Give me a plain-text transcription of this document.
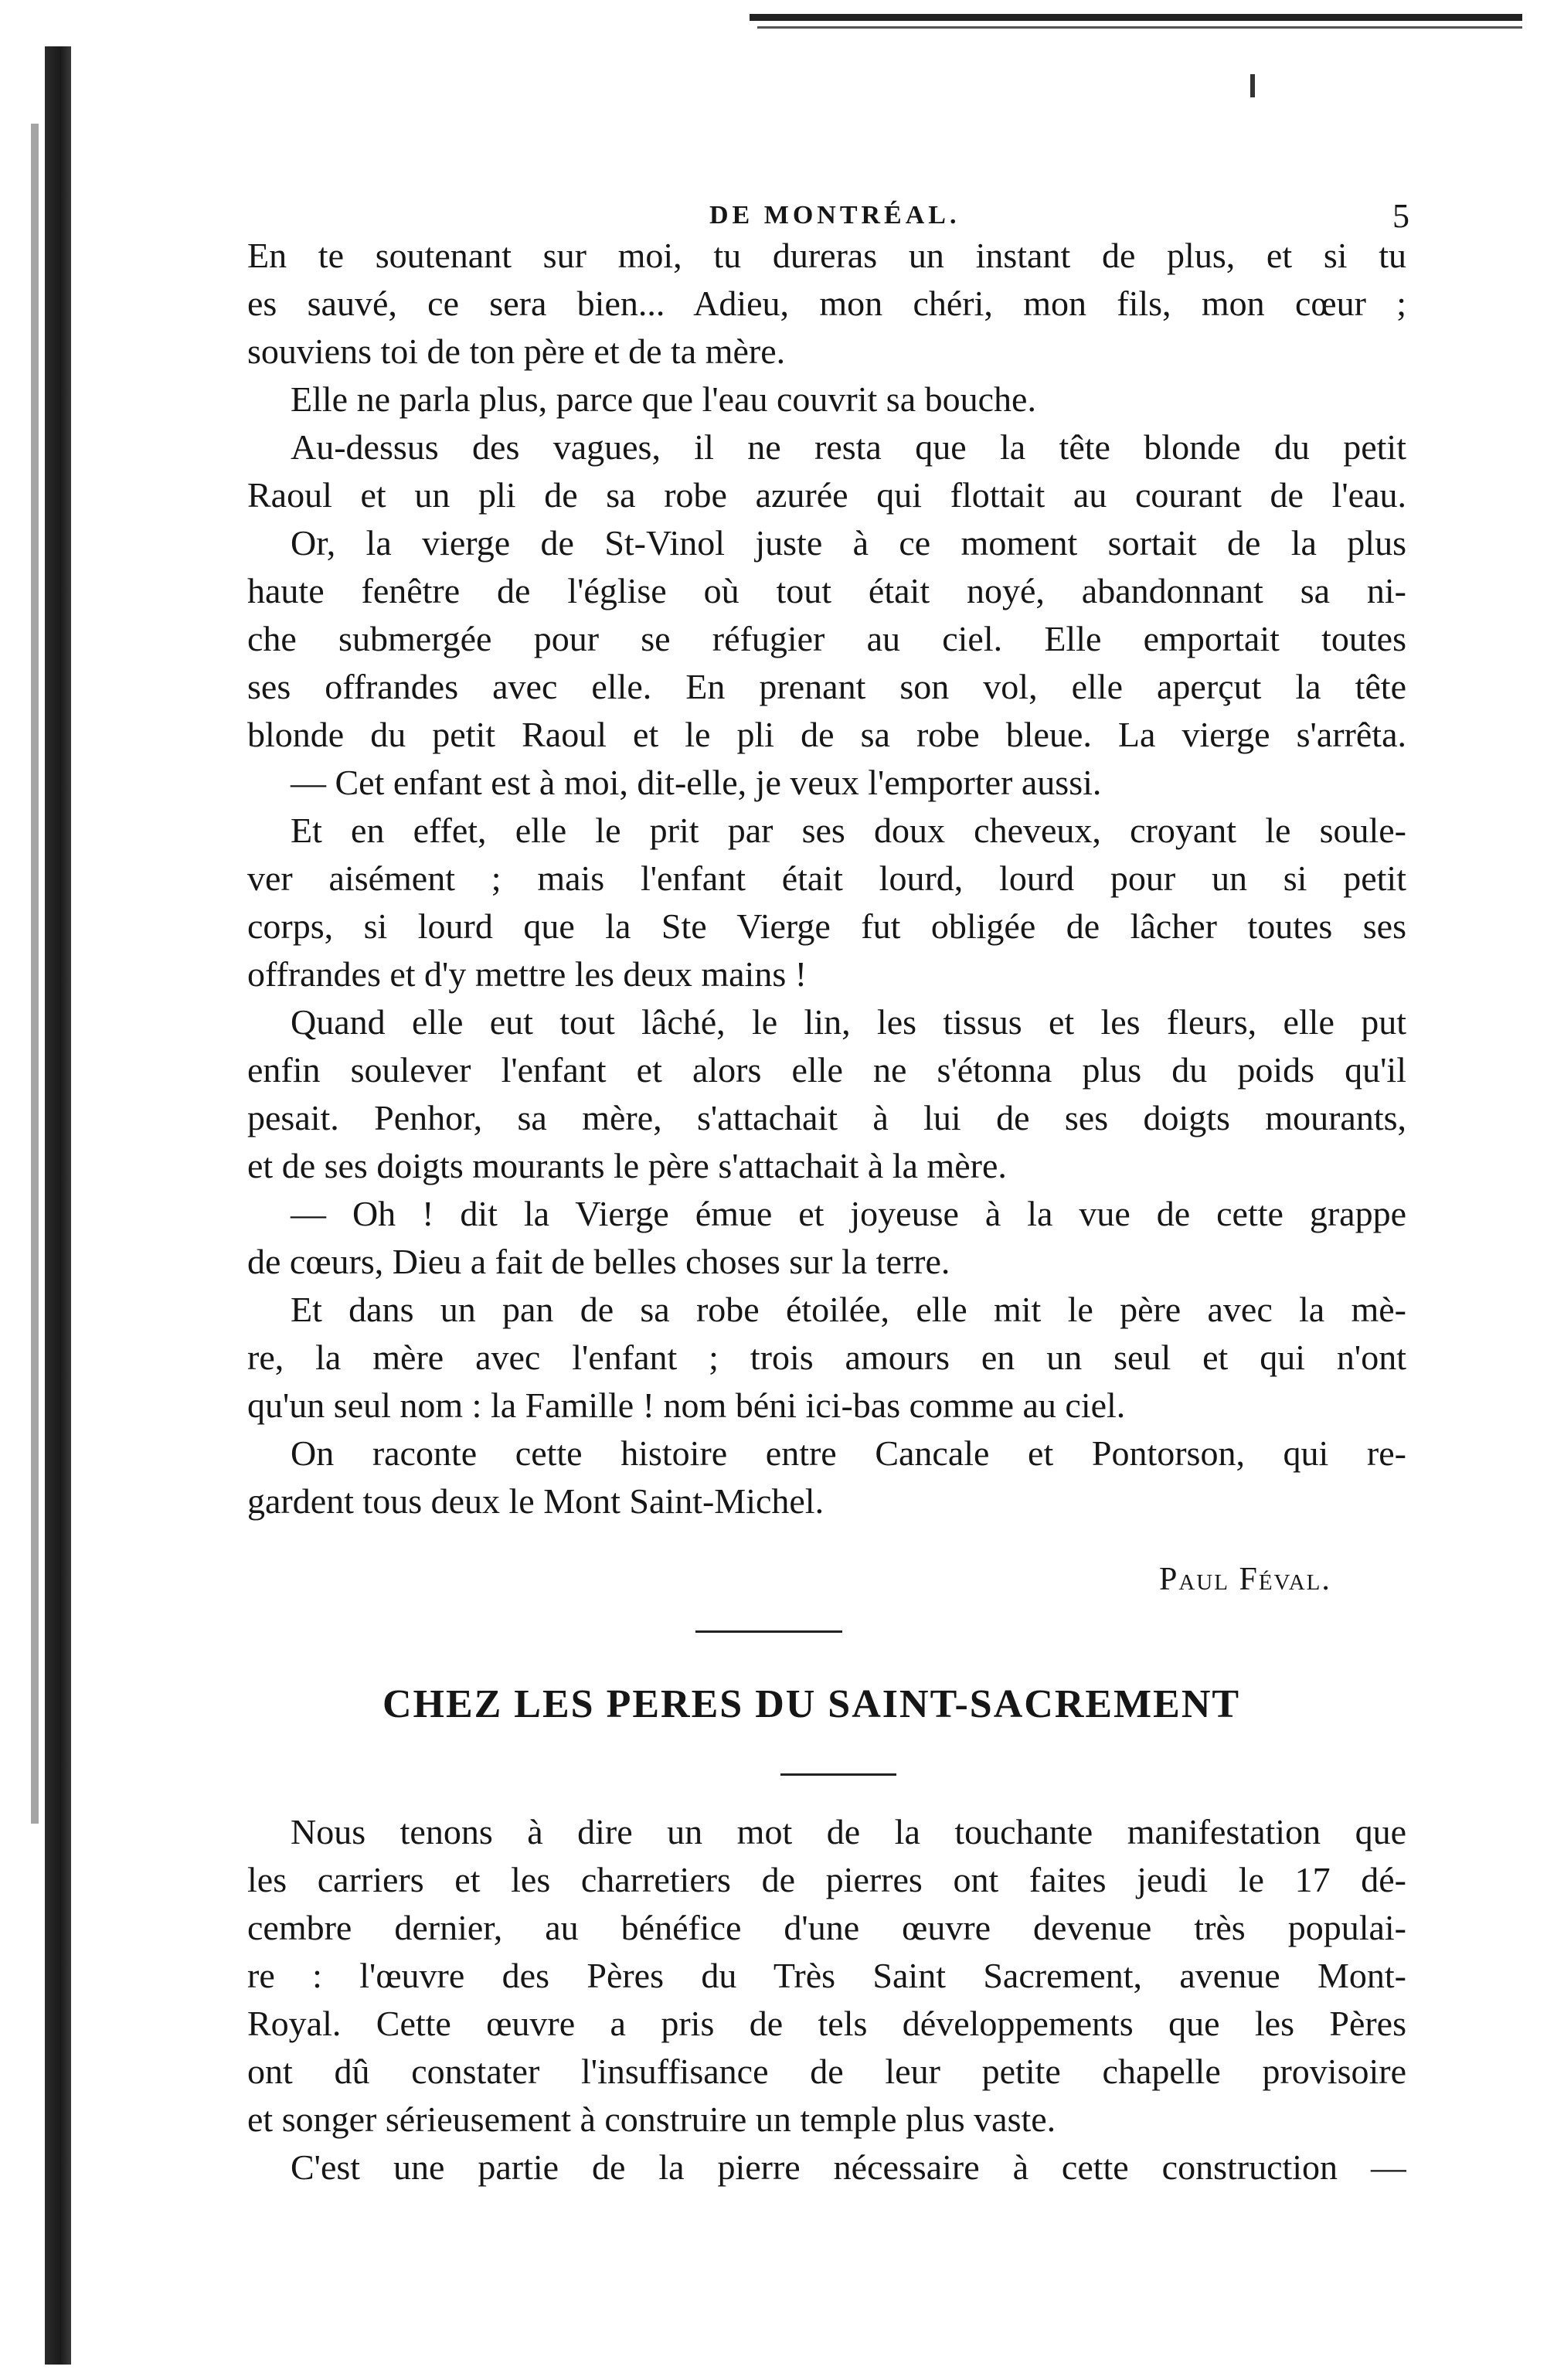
DE MONTRÉAL.	5
En te soutenant sur moi, tu dureras un instant de plus, et si tu
es sauvé, ce sera bien... Adieu, mon chéri, mon fils, mon cœur ;
souviens toi de ton père et de ta mère.
Elle ne parla plus, parce que l'eau couvrit sa bouche.
Au-dessus des vagues, il ne resta que la tête blonde du petit
Raoul et un pli de sa robe azurée qui flottait au courant de l'eau.
Or, la vierge de St-Vinol juste à ce moment sortait de la plus
haute fenêtre de l'église où tout était noyé, abandonnant sa ni-
che submergée pour se réfugier au ciel. Elle emportait toutes
ses offrandes avec elle. En prenant son vol, elle aperçut la tête
blonde du petit Raoul et le pli de sa robe bleue. La vierge s'arrêta.
— Cet enfant est à moi, dit-elle, je veux l'emporter aussi.
Et en effet, elle le prit par ses doux cheveux, croyant le soule-
ver aisément ; mais l'enfant était lourd, lourd pour un si petit
corps, si lourd que la Ste Vierge fut obligée de lâcher toutes ses
offrandes et d'y mettre les deux mains !
Quand elle eut tout lâché, le lin, les tissus et les fleurs, elle put
enfin soulever l'enfant et alors elle ne s'étonna plus du poids qu'il
pesait. Penhor, sa mère, s'attachait à lui de ses doigts mourants,
et de ses doigts mourants le père s'attachait à la mère.
— Oh ! dit la Vierge émue et joyeuse à la vue de cette grappe
de cœurs, Dieu a fait de belles choses sur la terre.
Et dans un pan de sa robe étoilée, elle mit le père avec la mè-
re, la mère avec l'enfant ; trois amours en un seul et qui n'ont
qu'un seul nom : la Famille ! nom béni ici-bas comme au ciel.
On raconte cette histoire entre Cancale et Pontorson, qui re-
gardent tous deux le Mont Saint-Michel.
Paul Féval.
CHEZ LES PERES DU SAINT-SACREMENT
Nous tenons à dire un mot de la touchante manifestation que
les carriers et les charretiers de pierres ont faites jeudi le 17 dé-
cembre dernier, au bénéfice d'une œuvre devenue très populai-
re : l'œuvre des Pères du Très Saint Sacrement, avenue Mont-
Royal. Cette œuvre a pris de tels développements que les Pères
ont dû constater l'insuffisance de leur petite chapelle provisoire
et songer sérieusement à construire un temple plus vaste.
C'est une partie de la pierre nécessaire à cette construction —
